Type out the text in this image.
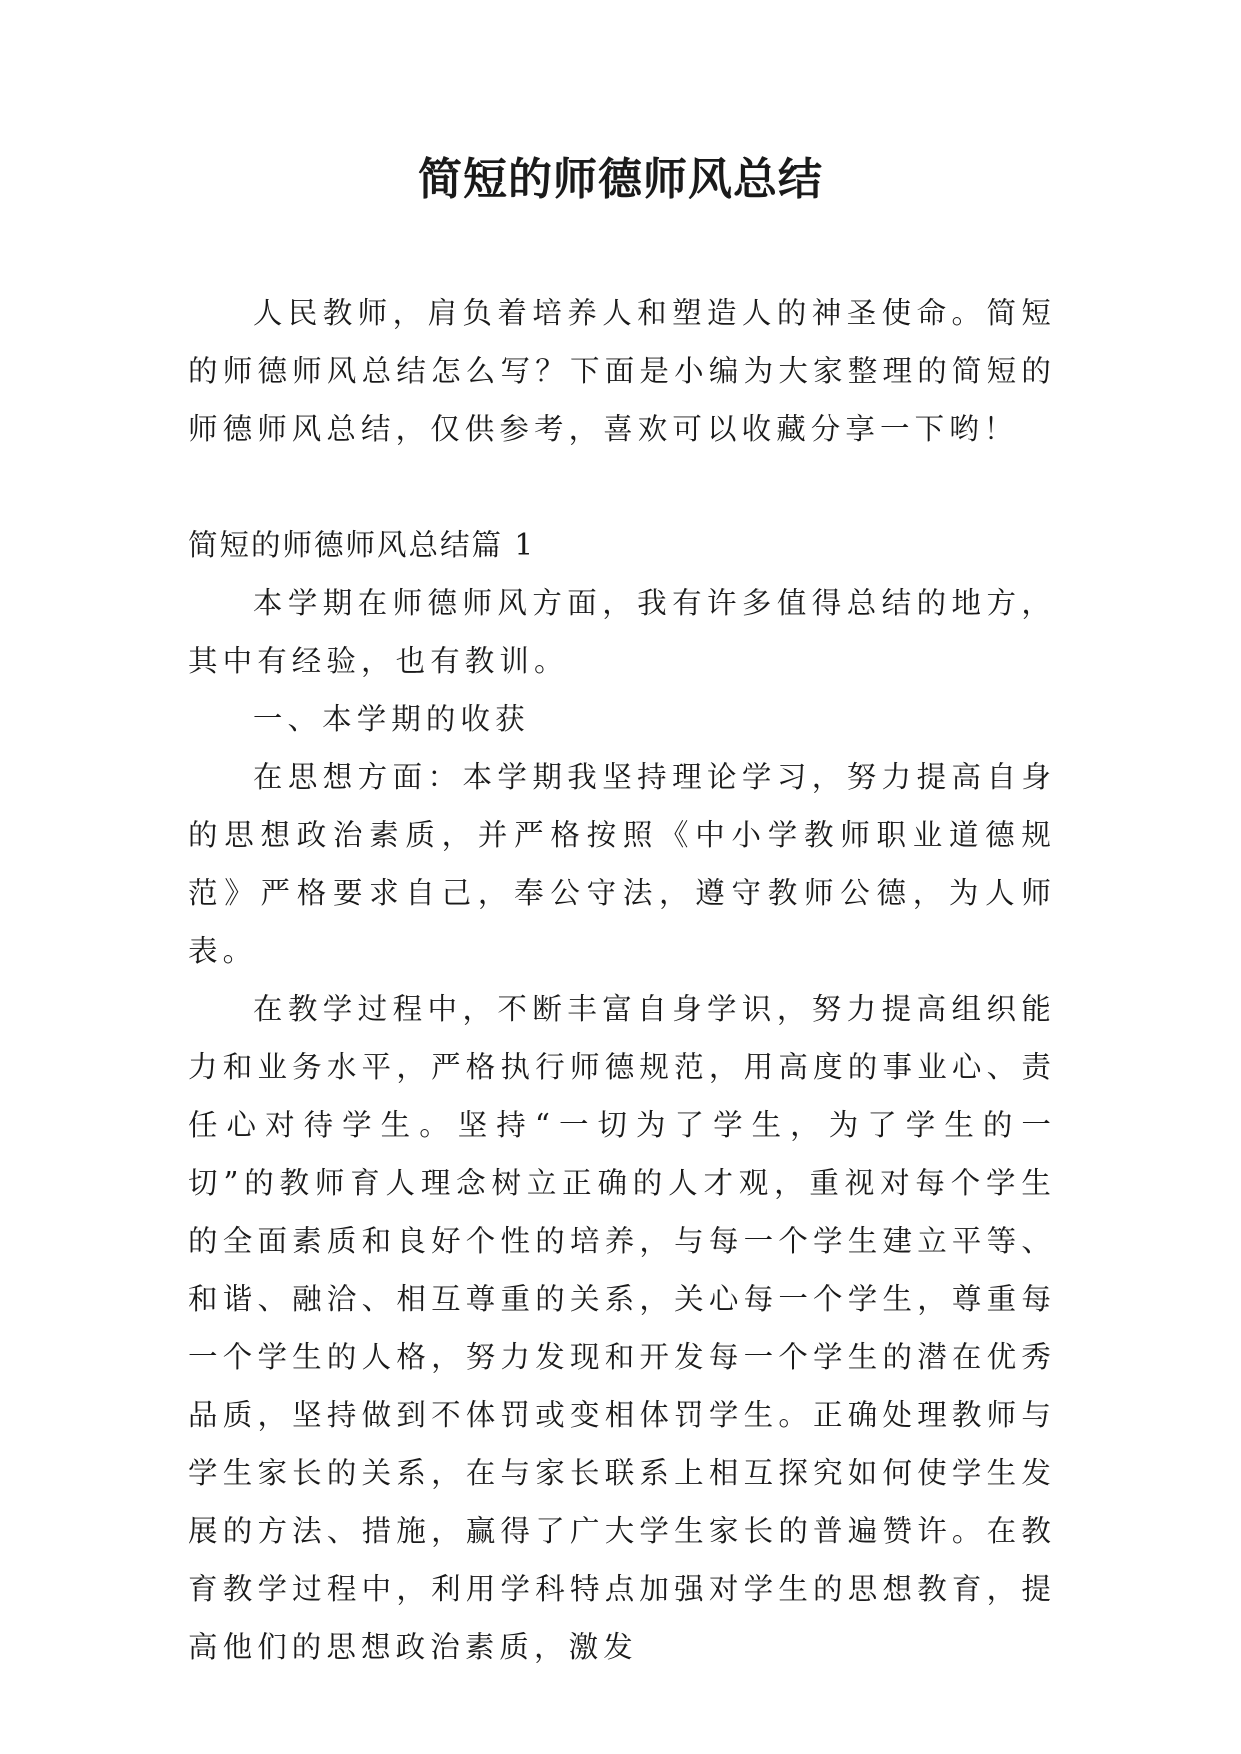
简短的师德师风总结

人民教师，肩负着培养人和塑造人的神圣使命。简短的师德师风总结怎么写？下面是小编为大家整理的简短的师德师风总结，仅供参考，喜欢可以收藏分享一下哟！

简短的师德师风总结篇 1

本学期在师德师风方面，我有许多值得总结的地方，其中有经验，也有教训。

一、本学期的收获

在思想方面：本学期我坚持理论学习，努力提高自身的思想政治素质，并严格按照《中小学教师职业道德规范》严格要求自己，奉公守法，遵守教师公德，为人师表。

在教学过程中，不断丰富自身学识，努力提高组织能力和业务水平，严格执行师德规范，用高度的事业心、责任心对待学生。坚持“一切为了学生，为了学生的一切”的教师育人理念树立正确的人才观，重视对每个学生的全面素质和良好个性的培养，与每一个学生建立平等、和谐、融洽、相互尊重的关系，关心每一个学生，尊重每一个学生的人格，努力发现和开发每一个学生的潜在优秀品质，坚持做到不体罚或变相体罚学生。正确处理教师与学生家长的关系，在与家长联系上相互探究如何使学生发展的方法、措施，赢得了广大学生家长的普遍赞许。在教育教学过程中，利用学科特点加强对学生的思想教育，提高他们的思想政治素质，激发
